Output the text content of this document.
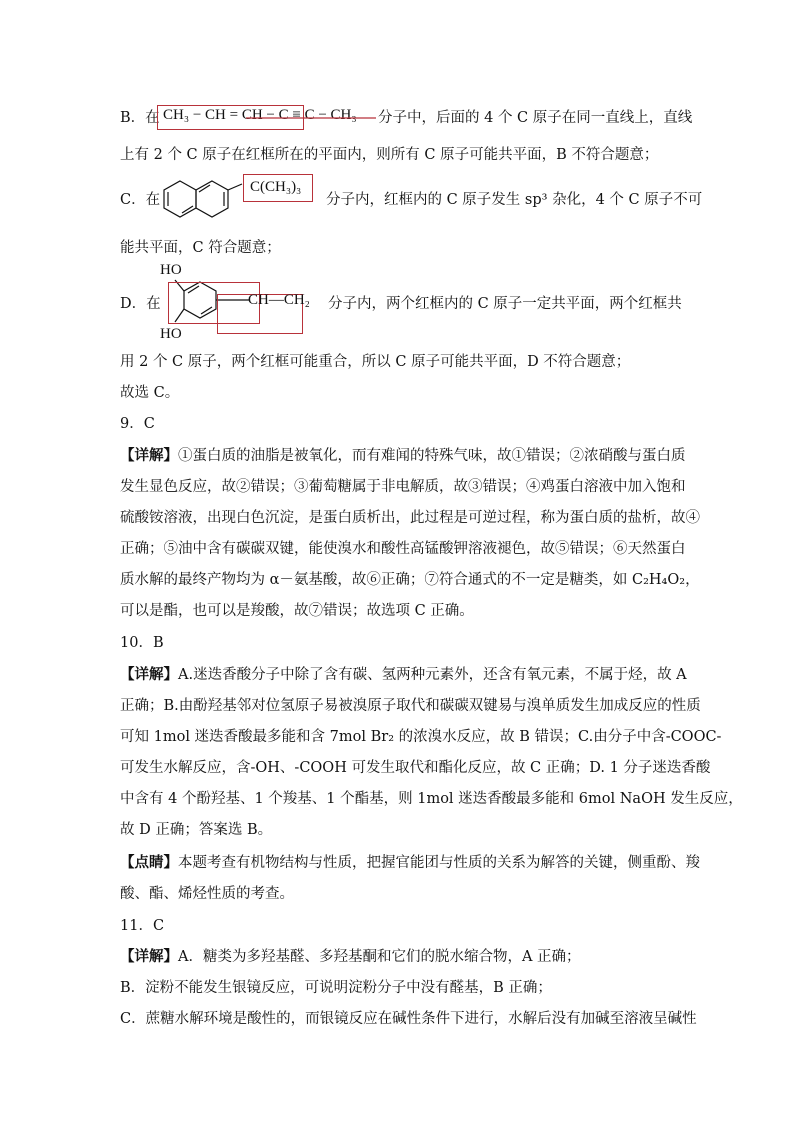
B．在 CH₃ − CH = CH − C ≡ C − CH₃ 分子中，后面的 4 个 C 原子在同一直线上，直线
上有 2 个 C 原子在红框所在的平面内，则所有 C 原子可能共平面，B 不符合题意；
C．在
C(CH₃)₃
分子内，红框内的 C 原子发生 sp³ 杂化，4 个 C 原子不可
能共平面，C 符合题意；
D．在
HO
HO
CH—CH₂ 分子内，两个红框内的 C 原子一定共平面，两个红框共
用 2 个 C 原子，两个红框可能重合，所以 C 原子可能共平面，D 不符合题意；
故选 C。
9．C
【详解】①蛋白质的油脂是被氧化，而有难闻的特殊气味，故①错误；②浓硝酸与蛋白质
发生显色反应，故②错误；③葡萄糖属于非电解质，故③错误；④鸡蛋白溶液中加入饱和
硫酸铵溶液，出现白色沉淀，是蛋白质析出，此过程是可逆过程，称为蛋白质的盐析，故④
正确；⑤油中含有碳碳双键，能使溴水和酸性高锰酸钾溶液褪色，故⑤错误；⑥天然蛋白
质水解的最终产物均为 α－氨基酸，故⑥正确；⑦符合通式的不一定是糖类，如 C₂H₄O₂，
可以是酯，也可以是羧酸，故⑦错误；故选项 C 正确。
10．B
【详解】A.迷迭香酸分子中除了含有碳、氢两种元素外，还含有氧元素，不属于烃，故 A
正确；B.由酚羟基邻对位氢原子易被溴原子取代和碳碳双键易与溴单质发生加成反应的性质
可知 1mol 迷迭香酸最多能和含 7mol Br₂ 的浓溴水反应，故 B 错误；C.由分子中含-COOC-
可发生水解反应，含-OH、-COOH 可发生取代和酯化反应，故 C 正确；D. 1 分子迷迭香酸
中含有 4 个酚羟基、1 个羧基、1 个酯基，则 1mol 迷迭香酸最多能和 6mol NaOH 发生反应，
故 D 正确；答案选 B。
【点睛】本题考查有机物结构与性质，把握官能团与性质的关系为解答的关键，侧重酚、羧
酸、酯、烯烃性质的考查。
11．C
【详解】A．糖类为多羟基醛、多羟基酮和它们的脱水缩合物，A 正确；
B．淀粉不能发生银镜反应，可说明淀粉分子中没有醛基，B 正确；
C．蔗糖水解环境是酸性的，而银镜反应在碱性条件下进行，水解后没有加碱至溶液呈碱性
